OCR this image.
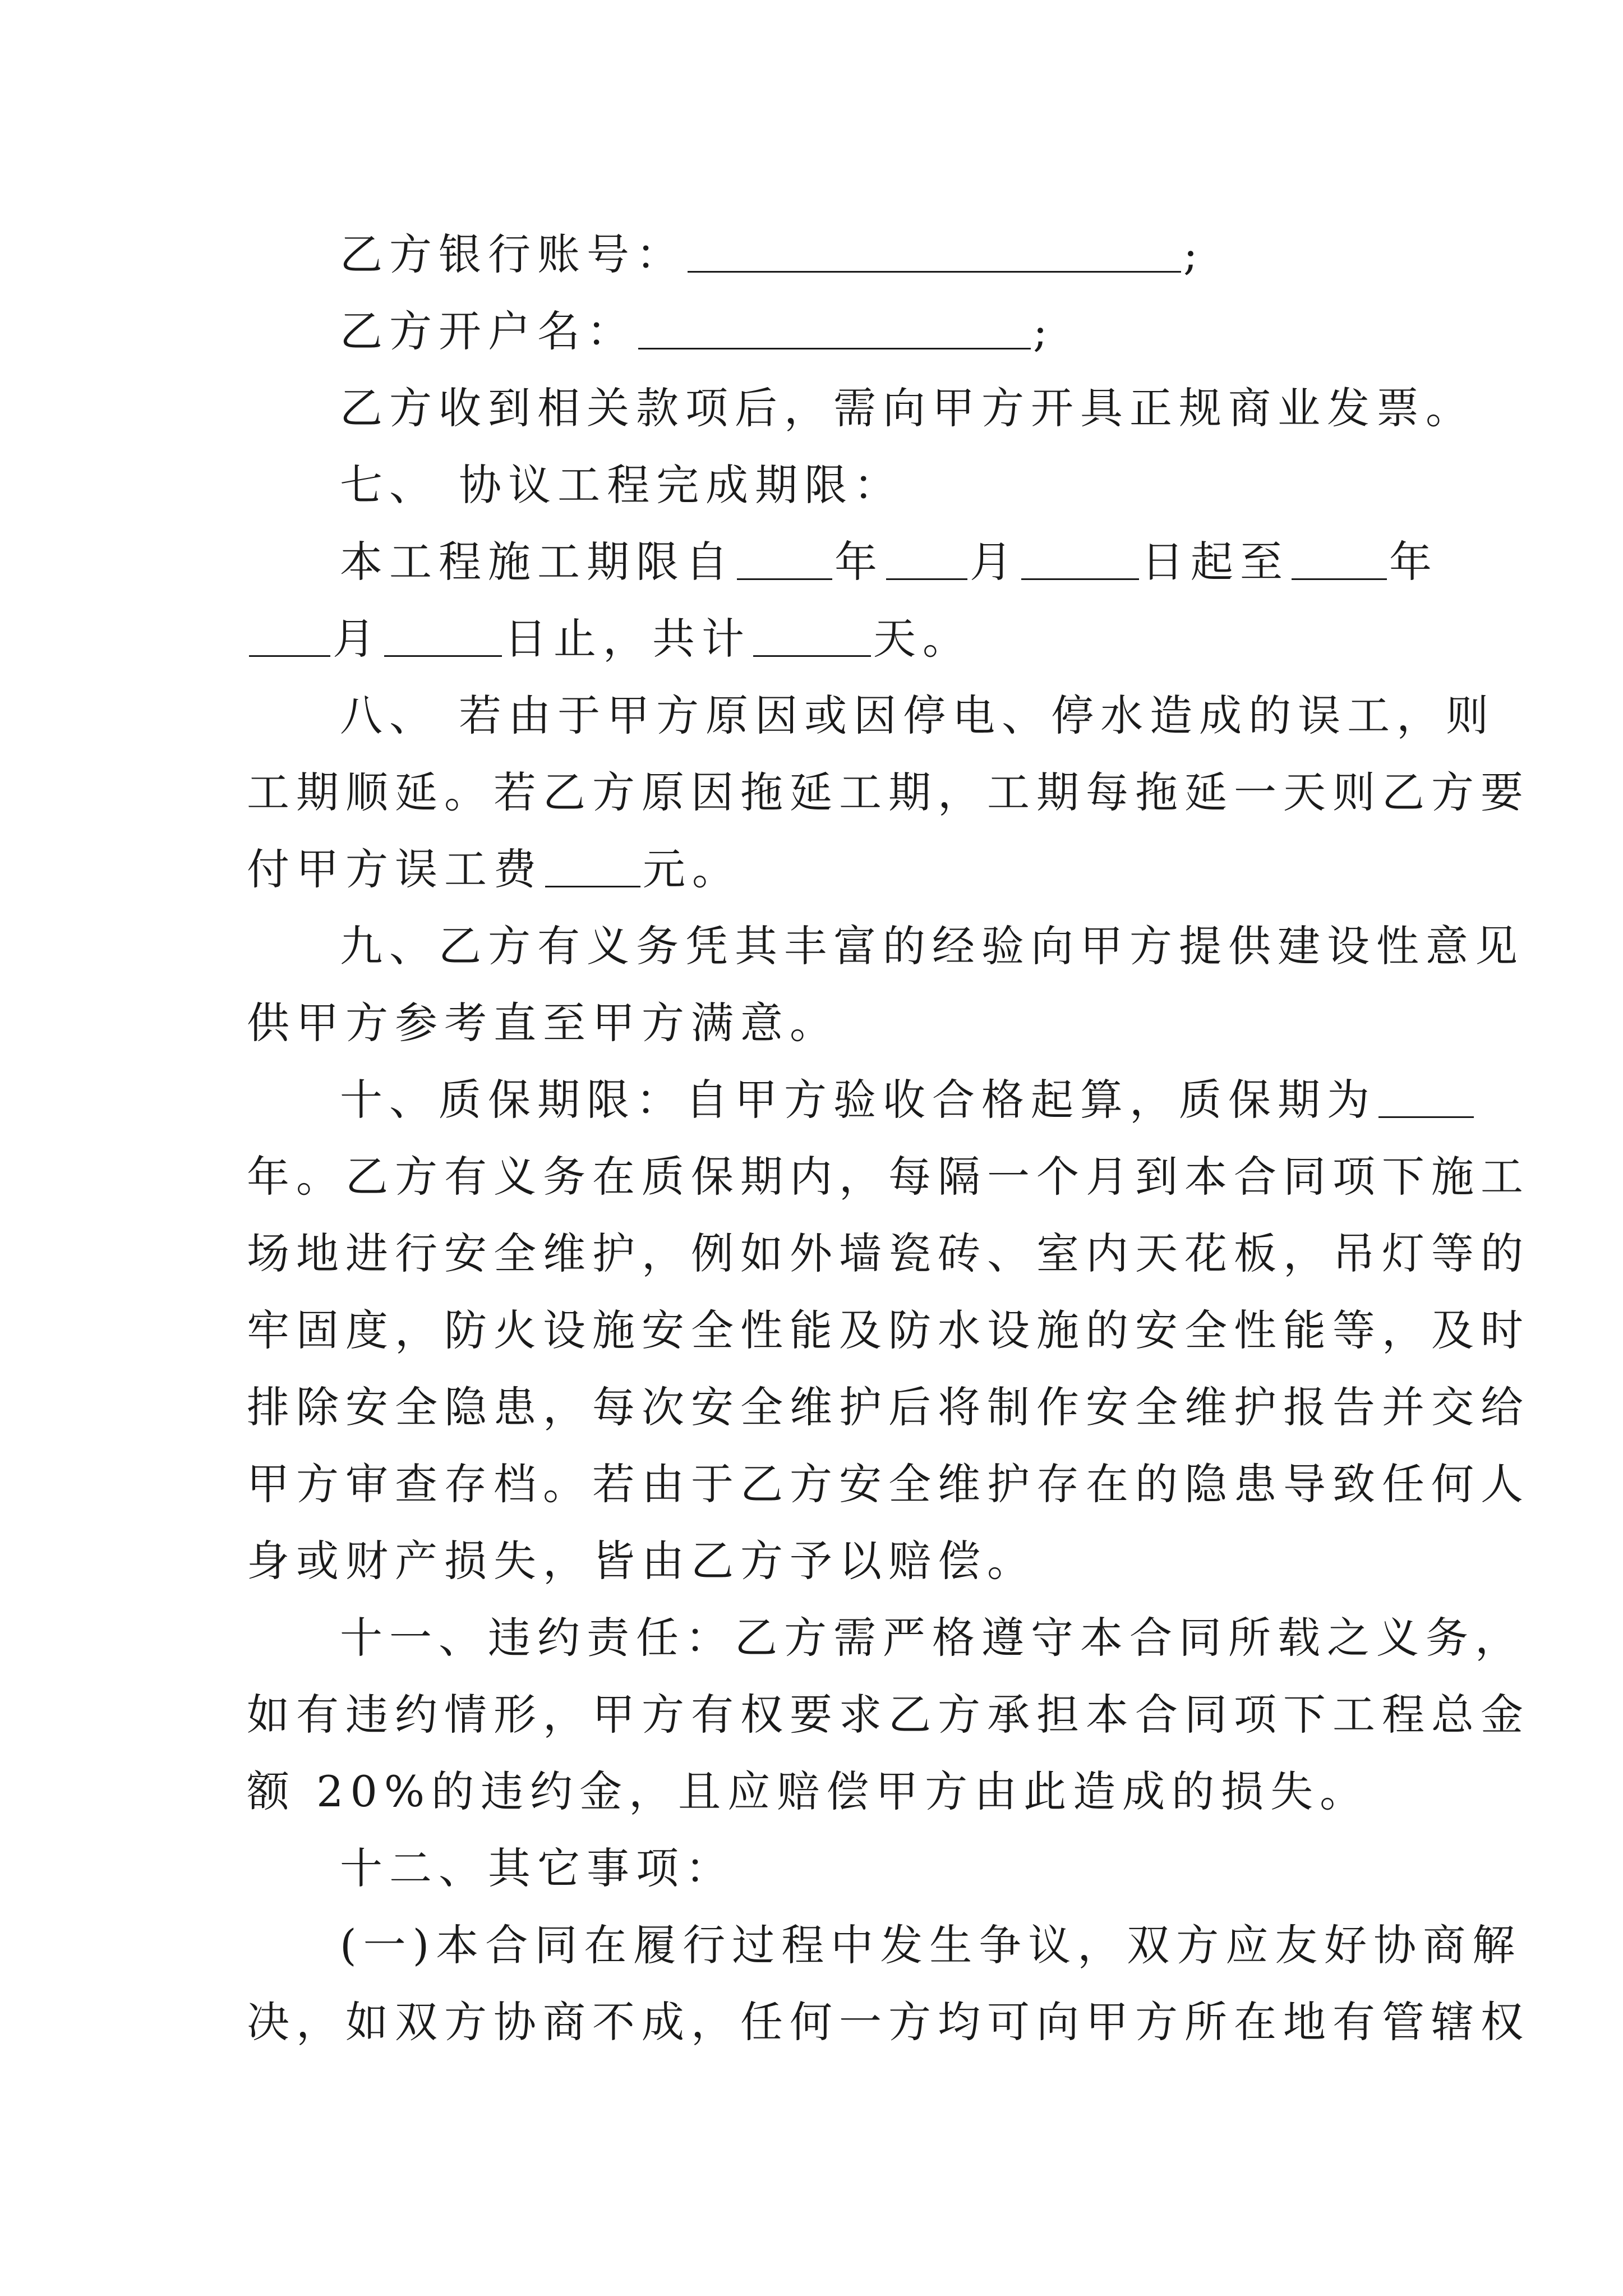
乙方银行账号：	;
乙方开户名：	;
乙方收到相关款项后，需向甲方开具正规商业发票。
七、 协议工程完成期限：
本工程施工期限自 年 月	日起至 年
月	日止，共计	天。
八、 若由于甲方原因或因停电、停水造成的误工，则
工期顺延。若乙方原因拖延工期，工期每拖延一天则乙方要
付甲方误工费 元。
九、乙方有义务凭其丰富的经验向甲方提供建设性意见
供甲方参考直至甲方满意。
十、质保期限：自甲方验收合格起算，质保期为
年。乙方有义务在质保期内，每隔一个月到本合同项下施工
场地进行安全维护，例如外墙瓷砖、室内天花板，吊灯等的
牢固度，防火设施安全性能及防水设施的安全性能等，及时
排除安全隐患，每次安全维护后将制作安全维护报告并交给
甲方审查存档。若由于乙方安全维护存在的隐患导致任何人
身或财产损失，皆由乙方予以赔偿。
十一、违约责任：乙方需严格遵守本合同所载之义务，
如有违约情形，甲方有权要求乙方承担本合同项下工程总金
额 20%的违约金，且应赔偿甲方由此造成的损失。
十二、其它事项：
(一)本合同在履行过程中发生争议，双方应友好协商解
决，如双方协商不成，任何一方均可向甲方所在地有管辖权
